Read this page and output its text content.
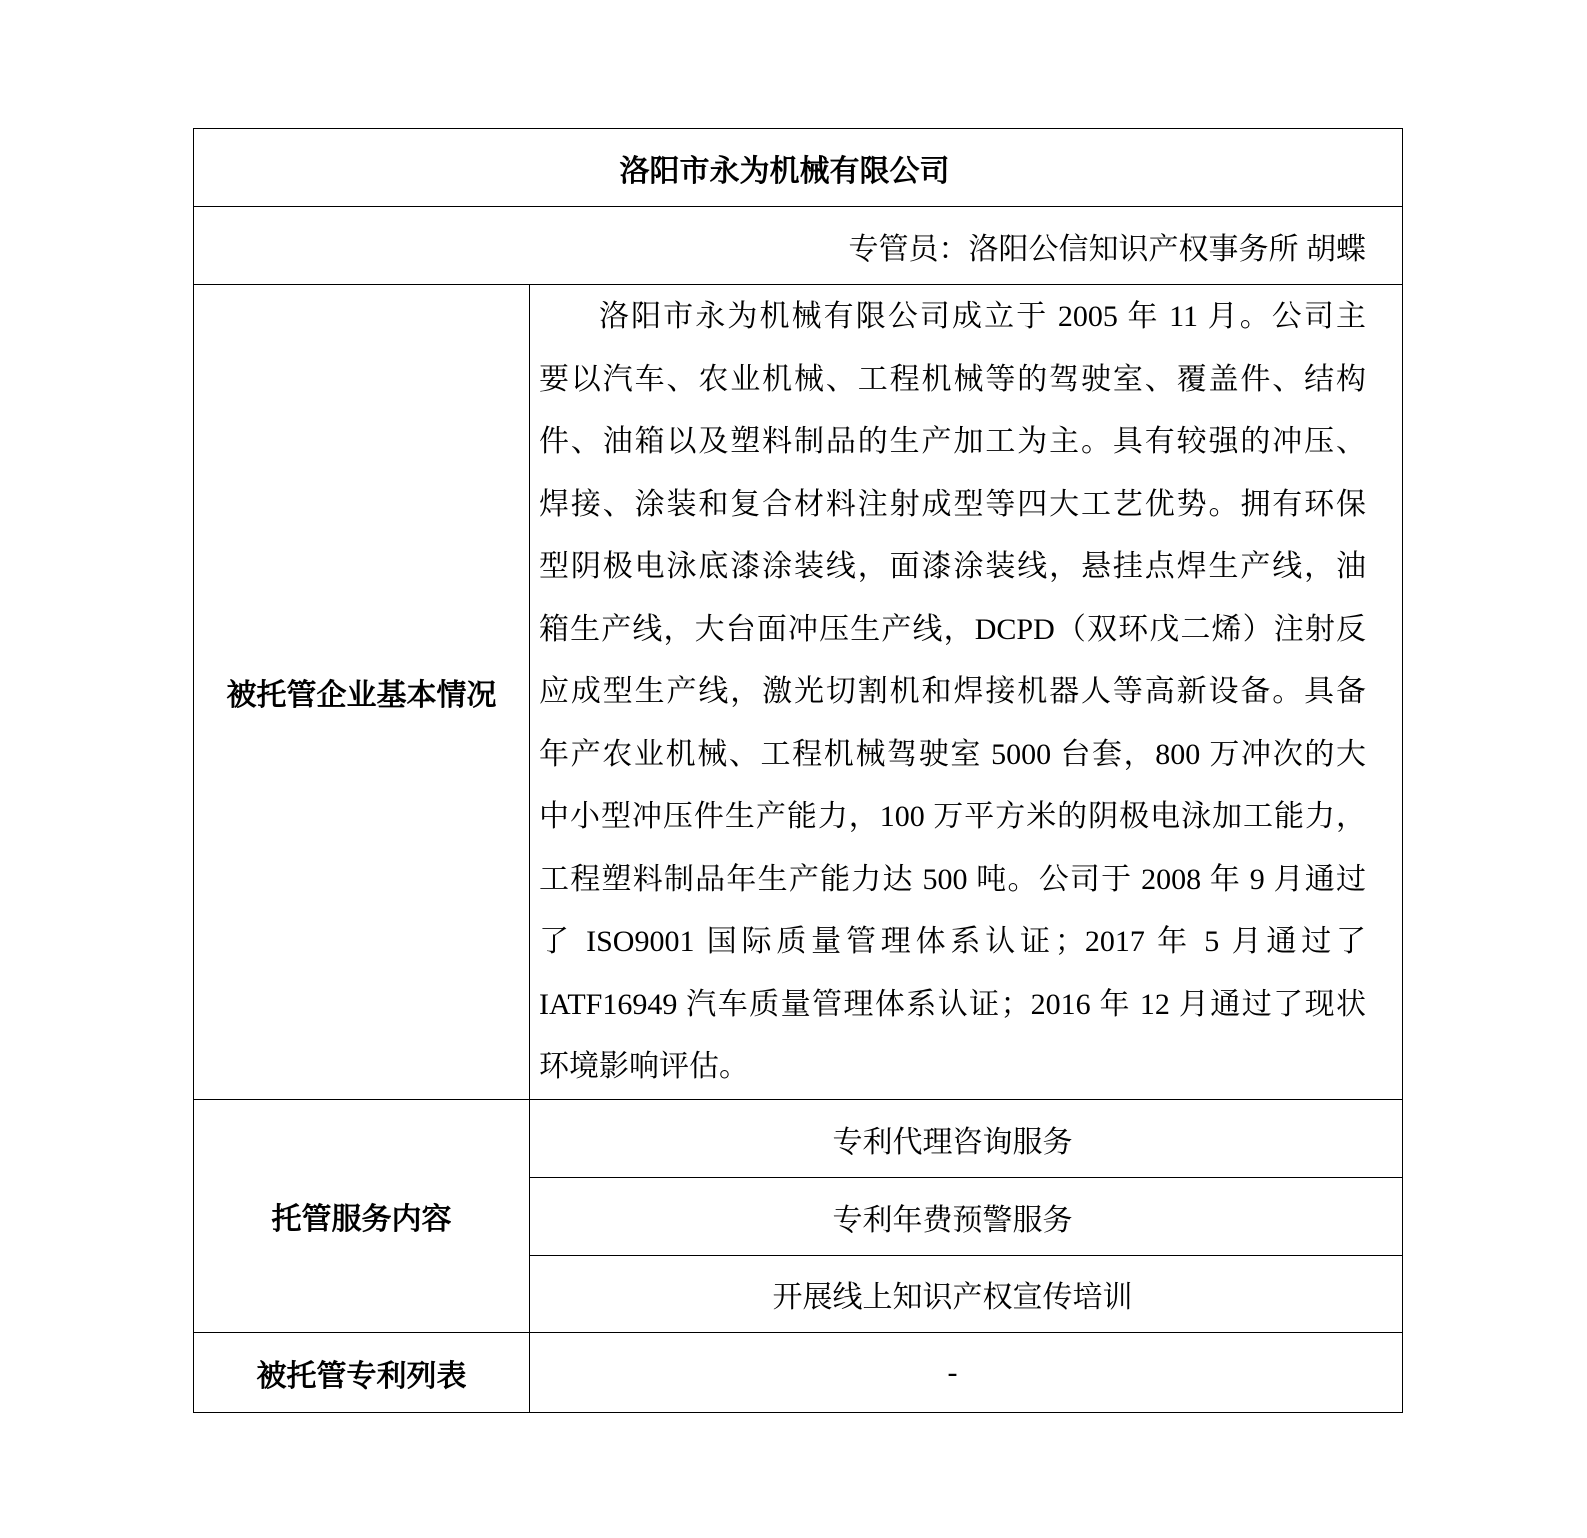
洛阳市永为机械有限公司
专管员：洛阳公信知识产权事务所 胡蝶
被托管企业基本情况
洛阳市永为机械有限公司成立于 2005 年 11 月。公司主
要以汽车、农业机械、工程机械等的驾驶室、覆盖件、结构
件、油箱以及塑料制品的生产加工为主。具有较强的冲压、
焊接、涂装和复合材料注射成型等四大工艺优势。拥有环保
型阴极电泳底漆涂装线，面漆涂装线，悬挂点焊生产线，油
箱生产线，大台面冲压生产线，DCPD（双环戊二烯）注射反
应成型生产线，激光切割机和焊接机器人等高新设备。具备
年产农业机械、工程机械驾驶室 5000 台套，800 万冲次的大
中小型冲压件生产能力，100 万平方米的阴极电泳加工能力，
工程塑料制品年生产能力达 500 吨。公司于 2008 年 9 月通过
了 ISO9001 国际质量管理体系认证；2017 年 5 月通过了
IATF16949 汽车质量管理体系认证；2016 年 12 月通过了现状
环境影响评估。
托管服务内容
专利代理咨询服务
专利年费预警服务
开展线上知识产权宣传培训
被托管专利列表	-
